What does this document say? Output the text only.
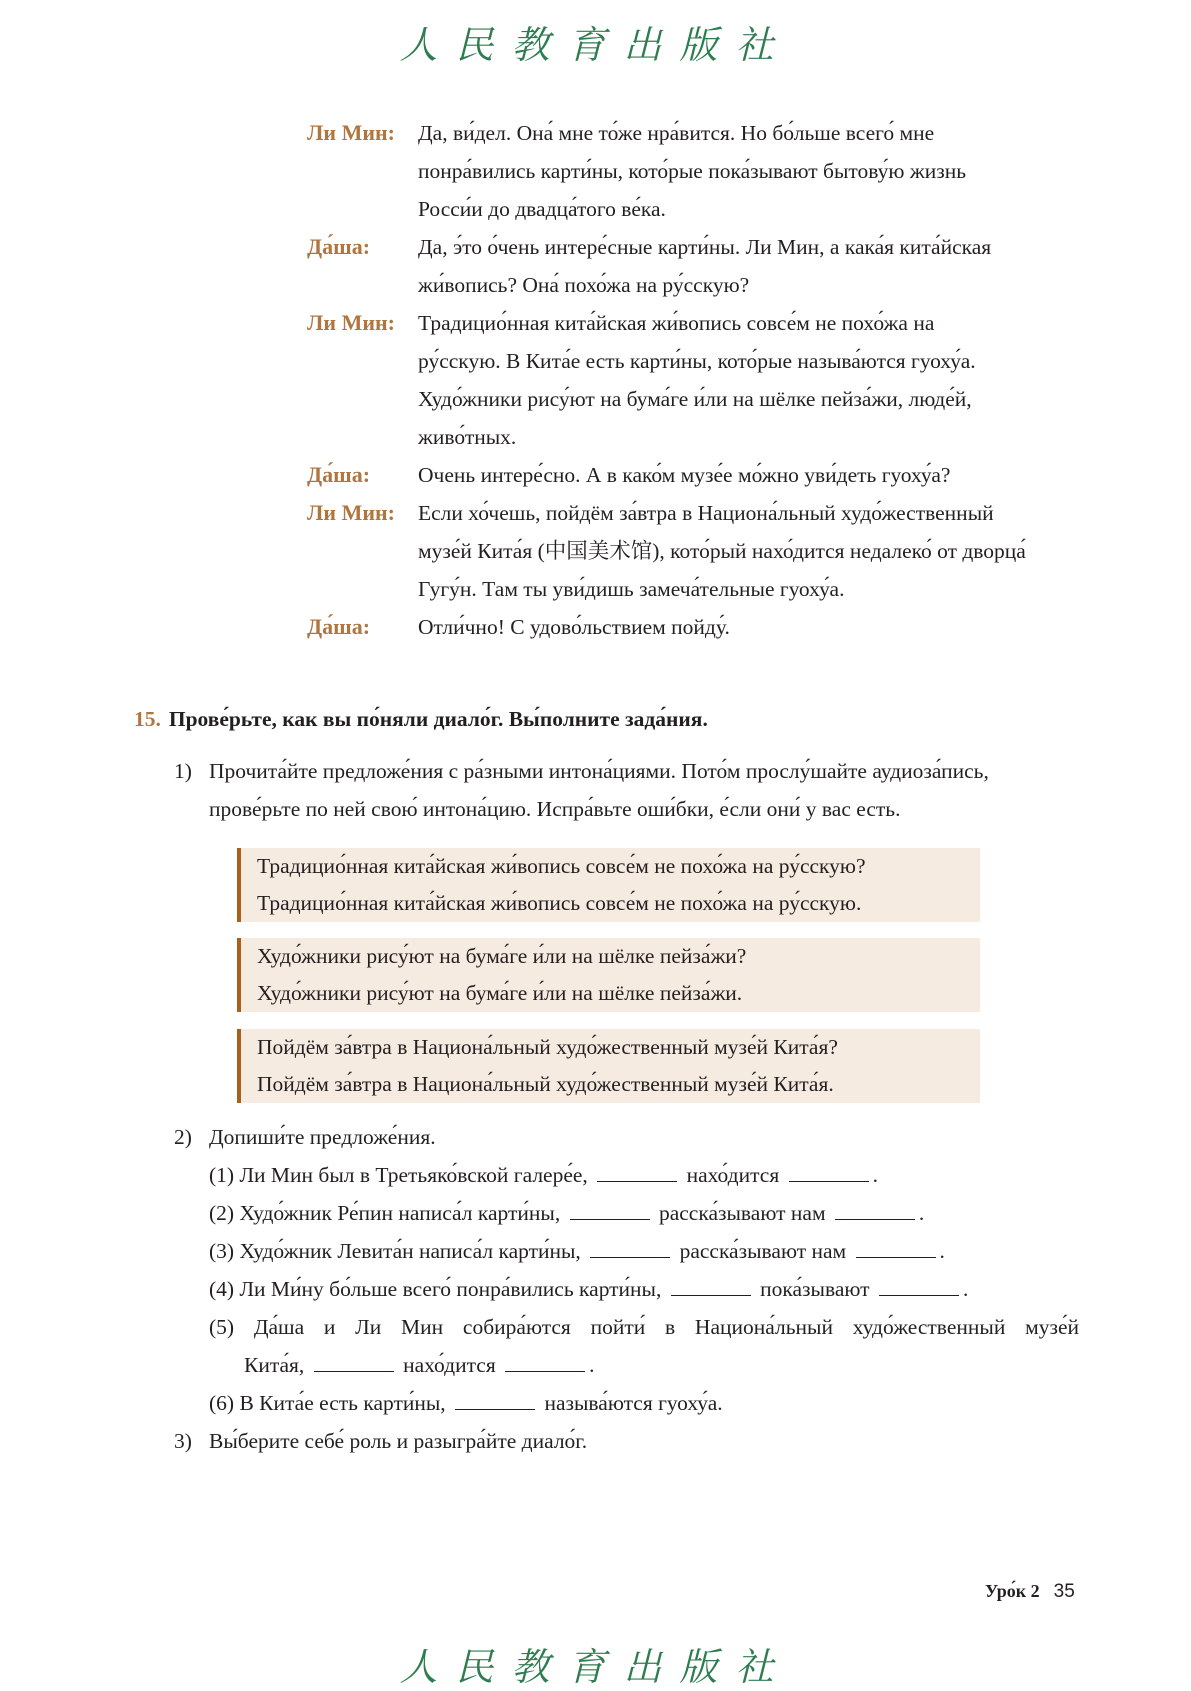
人民教育出版社
Ли Мин: Да, ви́дел. Она́ мне то́же нра́вится. Но бо́льше всего́ мне
понра́вились карти́ны, кото́рые пока́зывают бытову́ю жизнь
Росси́и до двадца́того ве́ка.
Да́ша: Да, э́то о́чень интере́сные карти́ны. Ли Мин, а кака́я кита́йская
жи́вопись? Она́ похо́жа на ру́сскую?
Ли Мин: Традицио́нная кита́йская жи́вопись совсе́м не похо́жа на
ру́сскую. В Кита́е есть карти́ны, кото́рые называ́ются гуоху́а.
Худо́жники рису́ют на бума́ге и́ли на шёлке пейза́жи, люде́й,
живо́тных.
Да́ша: Очень интере́сно. А в како́м музе́е мо́жно уви́деть гуоху́а?
Ли Мин: Если хо́чешь, пойдём за́втра в Национа́льный худо́жественный
музе́й Кита́я (中国美术馆), кото́рый нахо́дится недалеко́ от дворца́
Гугу́н. Там ты уви́дишь замеча́тельные гуоху́а.
Да́ша: Отли́чно! С удово́льствием пойду́.
15. Прове́рьте, как вы по́няли диало́г. Вы́полните зада́ния.
1) Прочита́йте предложе́ния с ра́зными интона́циями. Пото́м прослу́шайте аудиоза́пись,
прове́рьте по ней свою́ интона́цию. Испра́вьте оши́бки, е́сли они́ у вас есть.
Традицио́нная кита́йская жи́вопись совсе́м не похо́жа на ру́сскую?
Традицио́нная кита́йская жи́вопись совсе́м не похо́жа на ру́сскую.
Худо́жники рису́ют на бума́ге и́ли на шёлке пейза́жи?
Худо́жники рису́ют на бума́ге и́ли на шёлке пейза́жи.
Пойдём за́втра в Национа́льный худо́жественный музе́й Кита́я?
Пойдём за́втра в Национа́льный худо́жественный музе́й Кита́я.
2) Допиши́те предложе́ния.
(1) Ли Мин был в Третьяко́вской галере́е,	нахо́дится	.
(2) Худо́жник Ре́пин написа́л карти́ны,	расска́зывают нам	.
(3) Худо́жник Левита́н написа́л карти́ны,	расска́зывают нам	.
(4) Ли Ми́ну бо́льше всего́ понра́вились карти́ны,	пока́зывают	.
(5) Да́ша и Ли Мин собира́ются пойти́ в Национа́льный худо́жественный музе́й
Кита́я,	нахо́дится	.
(6) В Кита́е есть карти́ны,	называ́ются гуоху́а.
3) Вы́берите себе́ роль и разыгра́йте диало́г.
Уро́к 2 35
人民教育出版社
